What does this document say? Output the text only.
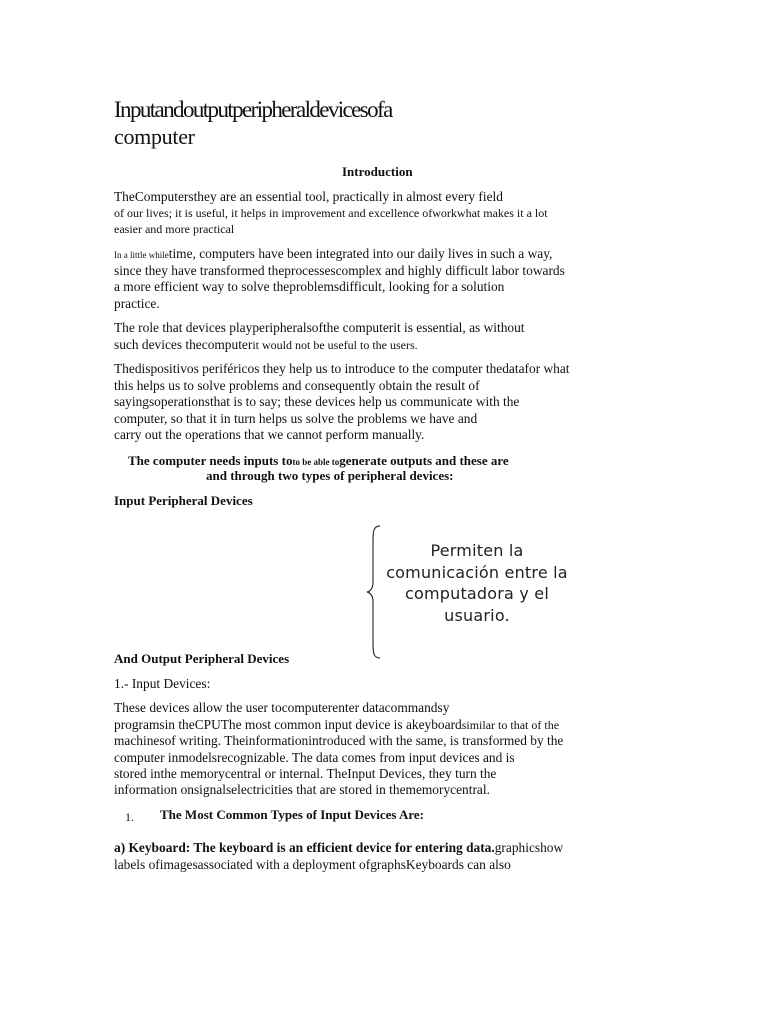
Inputandoutputperipheraldevicesofa
computer
Introduction
TheComputersthey are an essential tool, practically in almost every field
of our lives; it is useful, it helps in improvement and excellence ofworkwhat makes it a lot
easier and more practical
In a little whiletime, computers have been integrated into our daily lives in such a way,
since they have transformed theprocessescomplex and highly difficult labor towards
a more efficient way to solve theproblemsdifficult, looking for a solution
practice.
The role that devices playperipheralsofthe computerit is essential, as without
such devices thecomputerit would not be useful to the users.
Thedispositivos periféricos they help us to introduce to the computer thedatafor what
this helps us to solve problems and consequently obtain the result of
sayingsoperationsthat is to say; these devices help us communicate with the
computer, so that it in turn helps us solve the problems we have and
carry out the operations that we cannot perform manually.
The computer needs inputs toto be able togenerate outputs and these are
and through two types of peripheral devices:
Input Peripheral Devices
Permiten la
comunicación entre la
computadora y el
usuario.
And Output Peripheral Devices
1.- Input Devices:
These devices allow the user tocomputerenter datacommandsy
programsin theCPUThe most common input device is akeyboardsimilar to that of the
machinesof writing. Theinformationintroduced with the same, is transformed by the
computer inmodelsrecognizable. The data comes from input devices and is
stored inthe memorycentral or internal. TheInput Devices, they turn the
information onsignalselectricities that are stored in thememorycentral.
1. The Most Common Types of Input Devices Are:
a) Keyboard: The keyboard is an efficient device for entering data.graphicshow
labels ofimagesassociated with a deployment ofgraphsKeyboards can also
